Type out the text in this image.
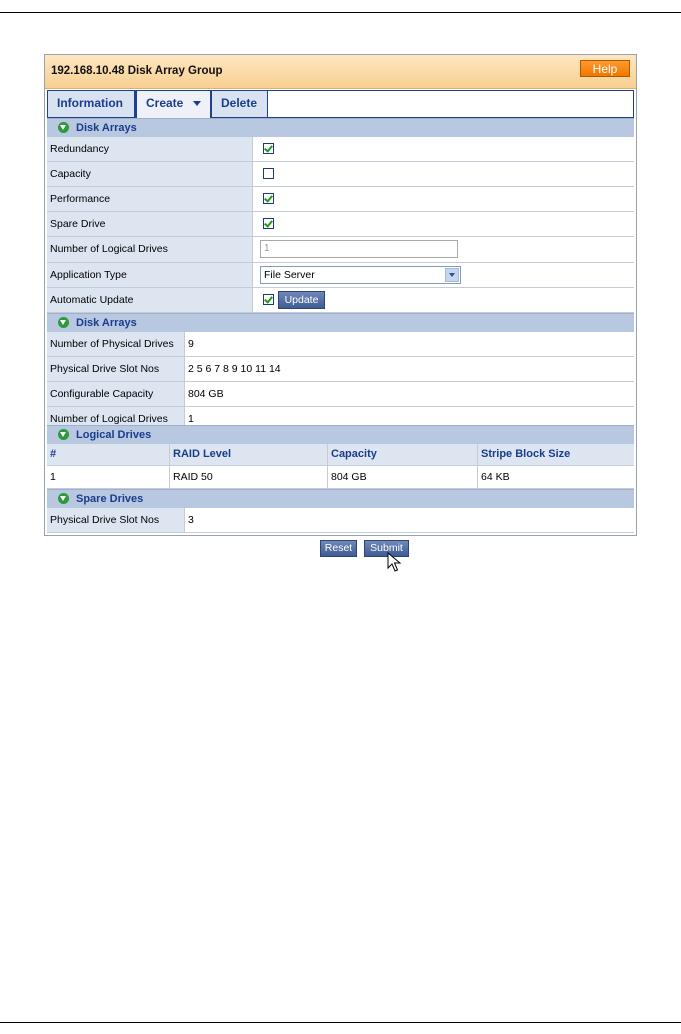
192.168.10.48 Disk Array Group	Help
Information	Create	Delete
Disk Arrays
Redundancy
Capacity
Performance
Spare Drive
Number of Logical Drives	1
Application Type	File Server
Automatic Update	Update
Disk Arrays
Number of Physical Drives	9
Physical Drive Slot Nos	2 5 6 7 8 9 10 11 14
Configurable Capacity	804 GB
Number of Logical Drives	1
Logical Drives
#	RAID Level	Capacity	Stripe Block Size
1	RAID 50	804 GB	64 KB
Spare Drives
Physical Drive Slot Nos	3
Reset	Submit
